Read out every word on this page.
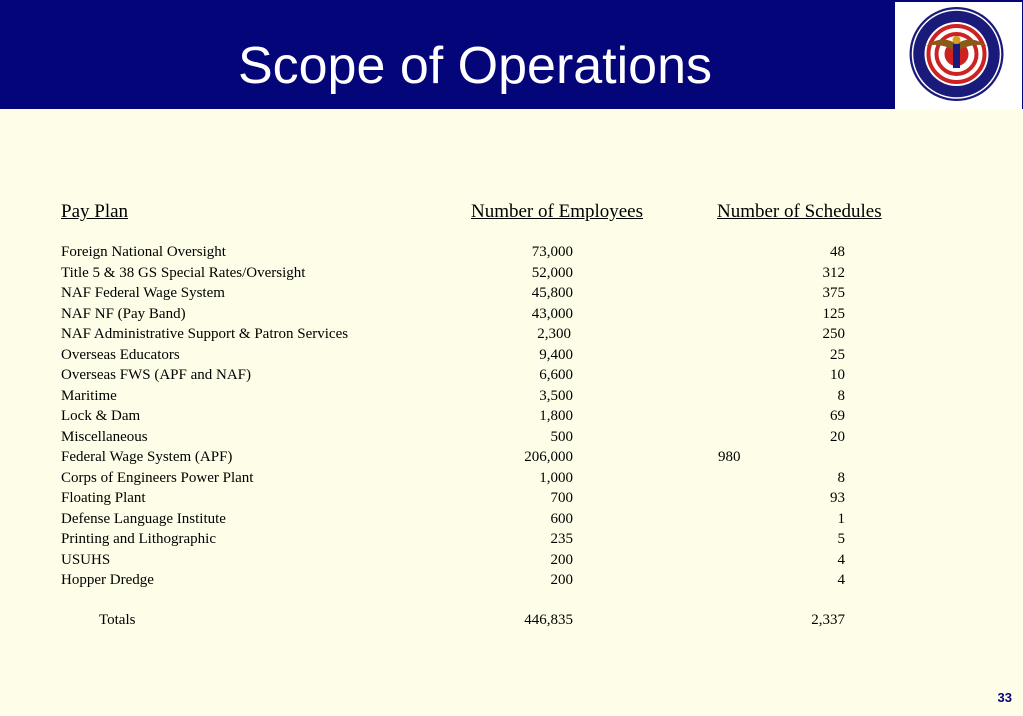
Scope of Operations
Pay Plan	Number of Employees	Number of Schedules
Foreign National Oversight	73,000	48
Title 5 & 38 GS Special Rates/Oversight	52,000	312
NAF Federal Wage System	45,800	375
NAF NF (Pay Band)	43,000	125
NAF Administrative Support & Patron Services	2,300	250
Overseas Educators	9,400	25
Overseas FWS (APF and NAF)	6,600	10
Maritime	3,500	8
Lock & Dam	1,800	69
Miscellaneous	500	20
Federal Wage System (APF)	206,000	980
Corps of Engineers Power Plant	1,000	8
Floating Plant	700	93
Defense Language Institute	600	1
Printing and Lithographic	235	5
USUHS	200	4
Hopper Dredge	200	4
Totals	446,835	2,337
33
